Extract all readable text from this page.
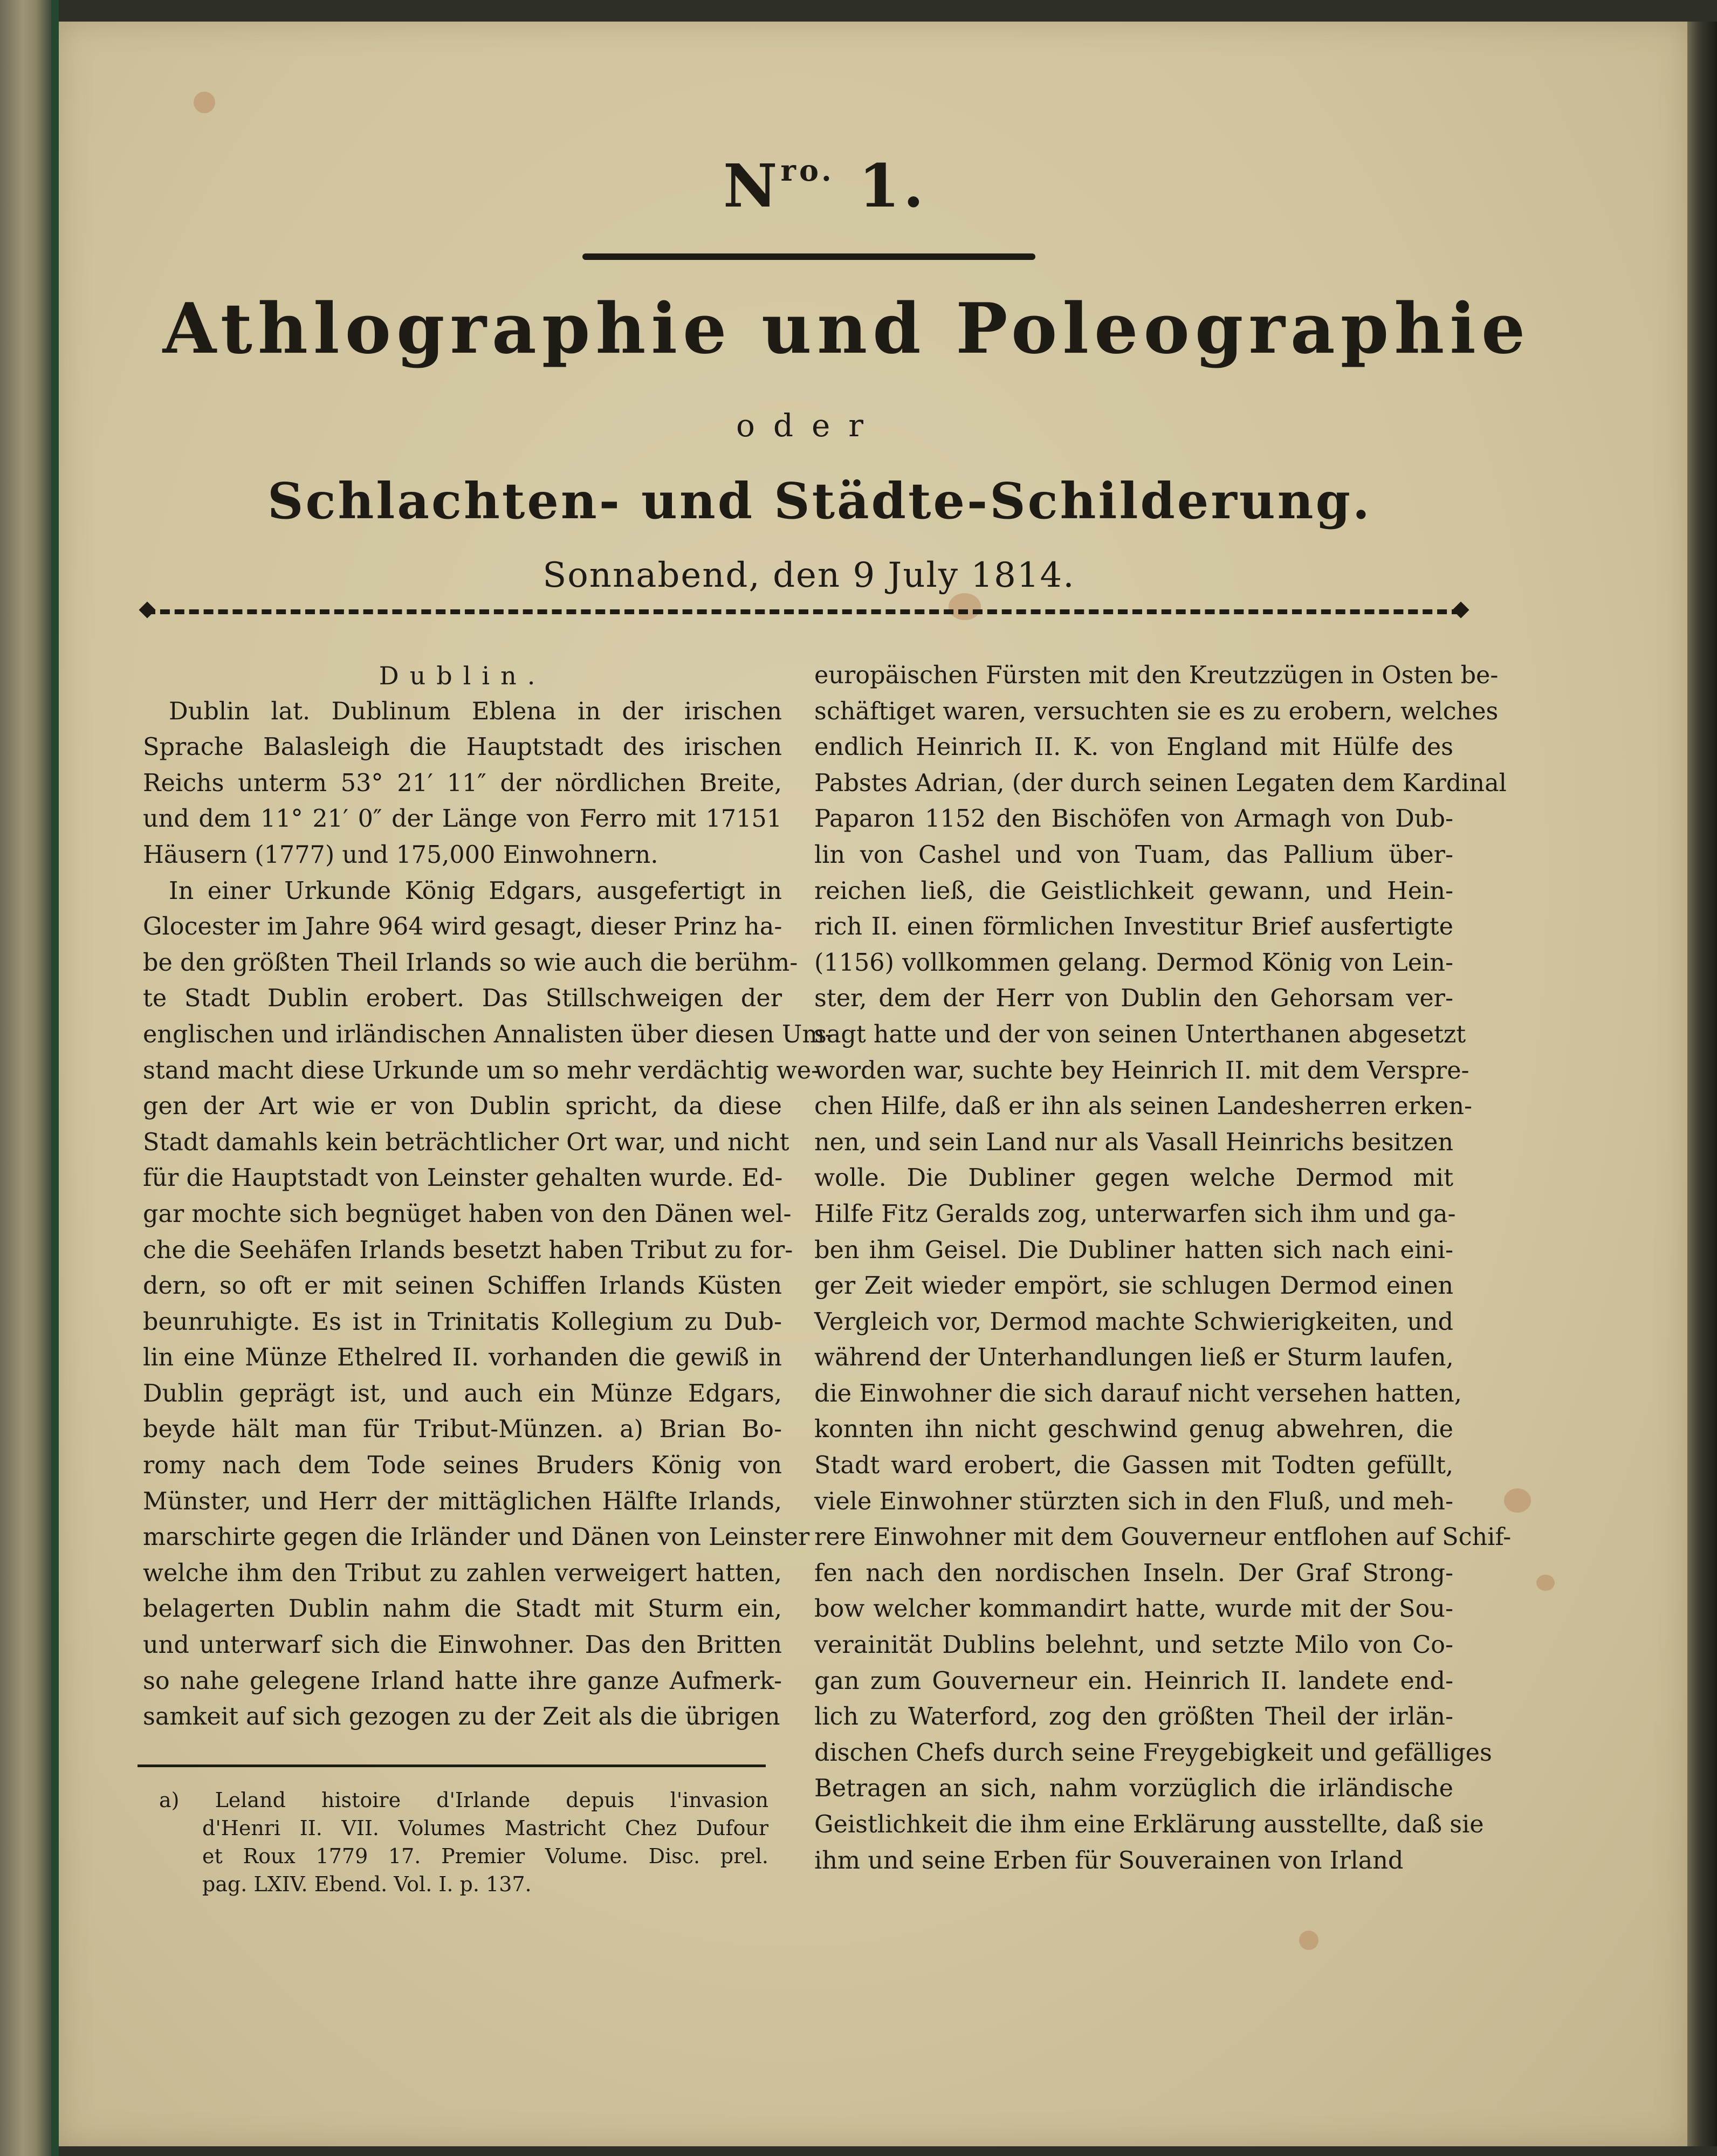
$N^{ro.}$ 1.
Athlographie und Poleographie
oder
Schlachten- und Städte-Schilderung.
Sonnabend, den 9 July 1814.
Dublin.
Dublin lat. Dublinum Eblena in der irischen
Sprache Balasleigh die Hauptstadt des irischen
Reichs unterm 53° 21′ 11″ der nördlichen Breite,
und dem 11° 21′ 0″ der Länge von Ferro mit 17151
Häusern (1777) und 175,000 Einwohnern.
In einer Urkunde König Edgars, ausgefertigt in
Glocester im Jahre 964 wird gesagt, dieser Prinz ha-
be den größten Theil Irlands so wie auch die berühm-
te Stadt Dublin erobert. Das Stillschweigen der
englischen und irländischen Annalisten über diesen Um-
stand macht diese Urkunde um so mehr verdächtig we-
gen der Art wie er von Dublin spricht, da diese
Stadt damahls kein beträchtlicher Ort war, und nicht
für die Hauptstadt von Leinster gehalten wurde. Ed-
gar mochte sich begnüget haben von den Dänen wel-
che die Seehäfen Irlands besetzt haben Tribut zu for-
dern, so oft er mit seinen Schiffen Irlands Küsten
beunruhigte. Es ist in Trinitatis Kollegium zu Dub-
lin eine Münze Ethelred II. vorhanden die gewiß in
Dublin geprägt ist, und auch ein Münze Edgars,
beyde hält man für Tribut-Münzen. a) Brian Bo-
romy nach dem Tode seines Bruders König von
Münster, und Herr der mittäglichen Hälfte Irlands,
marschirte gegen die Irländer und Dänen von Leinster
welche ihm den Tribut zu zahlen verweigert hatten,
belagerten Dublin nahm die Stadt mit Sturm ein,
und unterwarf sich die Einwohner. Das den Britten
so nahe gelegene Irland hatte ihre ganze Aufmerk-
samkeit auf sich gezogen zu der Zeit als die übrigen
a) Leland histoire d'Irlande depuis l'invasion
d'Henri II. VII. Volumes Mastricht Chez Dufour
et Roux 1779 17. Premier Volume. Disc. prel.
pag. LXIV. Ebend. Vol. I. p. 137.
europäischen Fürsten mit den Kreutzzügen in Osten be-
schäftiget waren, versuchten sie es zu erobern, welches
endlich Heinrich II. K. von England mit Hülfe des
Pabstes Adrian, (der durch seinen Legaten dem Kardinal
Paparon 1152 den Bischöfen von Armagh von Dub-
lin von Cashel und von Tuam, das Pallium über-
reichen ließ, die Geistlichkeit gewann, und Hein-
rich II. einen förmlichen Investitur Brief ausfertigte
(1156) vollkommen gelang. Dermod König von Lein-
ster, dem der Herr von Dublin den Gehorsam ver-
sagt hatte und der von seinen Unterthanen abgesetzt
worden war, suchte bey Heinrich II. mit dem Verspre-
chen Hilfe, daß er ihn als seinen Landesherren erken-
nen, und sein Land nur als Vasall Heinrichs besitzen
wolle. Die Dubliner gegen welche Dermod mit
Hilfe Fitz Geralds zog, unterwarfen sich ihm und ga-
ben ihm Geisel. Die Dubliner hatten sich nach eini-
ger Zeit wieder empört, sie schlugen Dermod einen
Vergleich vor, Dermod machte Schwierigkeiten, und
während der Unterhandlungen ließ er Sturm laufen,
die Einwohner die sich darauf nicht versehen hatten,
konnten ihn nicht geschwind genug abwehren, die
Stadt ward erobert, die Gassen mit Todten gefüllt,
viele Einwohner stürzten sich in den Fluß, und meh-
rere Einwohner mit dem Gouverneur entflohen auf Schif-
fen nach den nordischen Inseln. Der Graf Strong-
bow welcher kommandirt hatte, wurde mit der Sou-
verainität Dublins belehnt, und setzte Milo von Co-
gan zum Gouverneur ein. Heinrich II. landete end-
lich zu Waterford, zog den größten Theil der irlän-
dischen Chefs durch seine Freygebigkeit und gefälliges
Betragen an sich, nahm vorzüglich die irländische
Geistlichkeit die ihm eine Erklärung ausstellte, daß sie
ihm und seine Erben für Souverainen von Irland
